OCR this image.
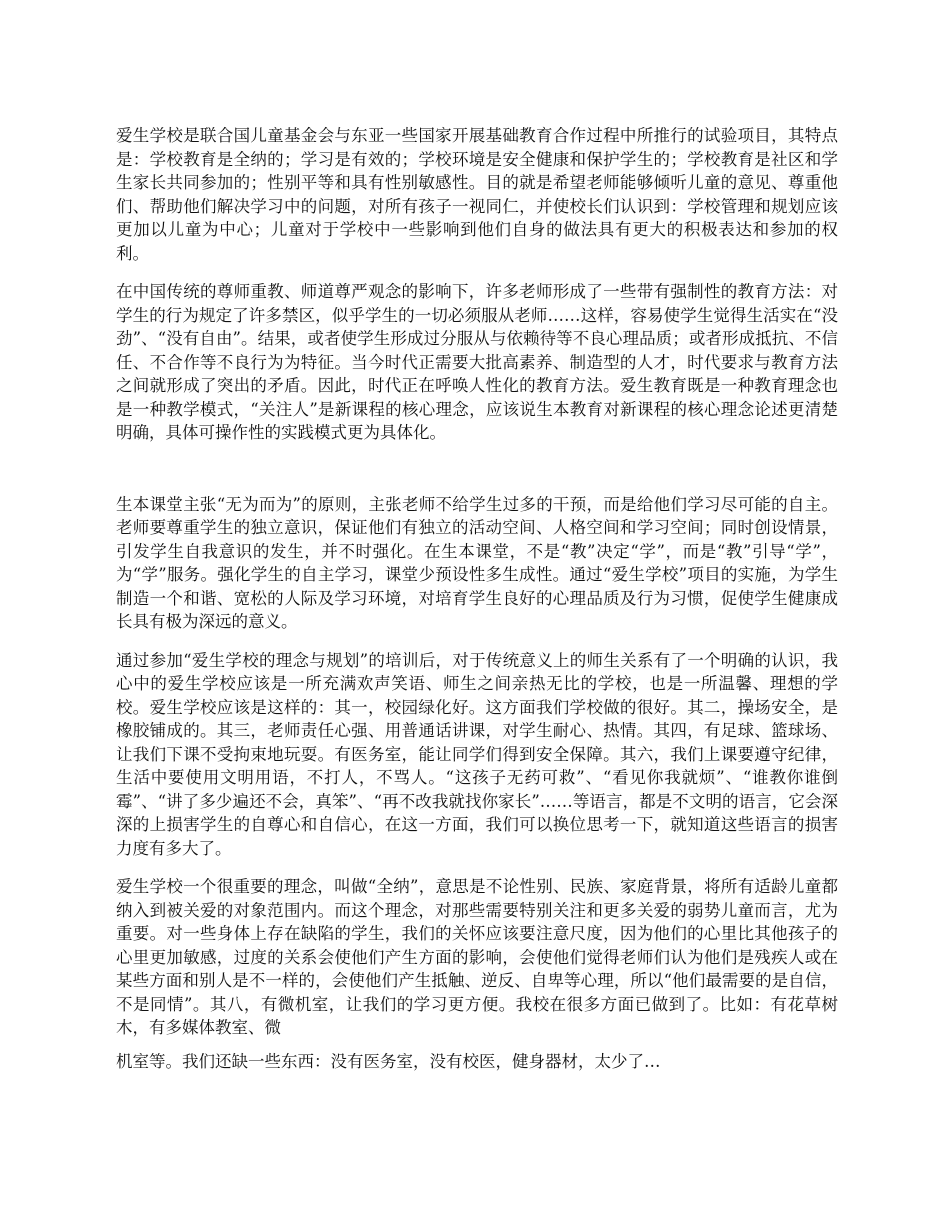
爱生学校是联合国儿童基金会与东亚一些国家开展基础教育合作过程中所推行的试验项目，其特点是：学校教育是全纳的；学习是有效的；学校环境是安全健康和保护学生的；学校教育是社区和学生家长共同参加的；性别平等和具有性别敏感性。目的就是希望老师能够倾听儿童的意见、尊重他们、帮助他们解决学习中的问题，对所有孩子一视同仁，并使校长们认识到：学校管理和规划应该更加以儿童为中心；儿童对于学校中一些影响到他们自身的做法具有更大的积极表达和参加的权利。

在中国传统的尊师重教、师道尊严观念的影响下，许多老师形成了一些带有强制性的教育方法：对学生的行为规定了许多禁区，似乎学生的一切必须服从老师……这样，容易使学生觉得生活实在“没劲”、“没有自由”。结果，或者使学生形成过分服从与依赖待等不良心理品质；或者形成抵抗、不信任、不合作等不良行为为特征。当今时代正需要大批高素养、制造型的人才，时代要求与教育方法之间就形成了突出的矛盾。因此，时代正在呼唤人性化的教育方法。爱生教育既是一种教育理念也是一种教学模式，“关注人”是新课程的核心理念，应该说生本教育对新课程的核心理念论述更清楚明确，具体可操作性的实践模式更为具体化。

生本课堂主张“无为而为”的原则，主张老师不给学生过多的干预，而是给他们学习尽可能的自主。老师要尊重学生的独立意识，保证他们有独立的活动空间、人格空间和学习空间；同时创设情景，引发学生自我意识的发生，并不时强化。在生本课堂，不是“教”决定“学”，而是“教”引导“学”，为“学”服务。强化学生的自主学习，课堂少预设性多生成性。通过“爱生学校”项目的实施，为学生制造一个和谐、宽松的人际及学习环境，对培育学生良好的心理品质及行为习惯，促使学生健康成长具有极为深远的意义。

通过参加“爱生学校的理念与规划”的培训后，对于传统意义上的师生关系有了一个明确的认识，我心中的爱生学校应该是一所充满欢声笑语、师生之间亲热无比的学校，也是一所温馨、理想的学校。爱生学校应该是这样的：其一，校园绿化好。这方面我们学校做的很好。其二，操场安全，是橡胶铺成的。其三，老师责任心强、用普通话讲课，对学生耐心、热情。其四，有足球、篮球场、让我们下课不受拘束地玩耍。有医务室，能让同学们得到安全保障。其六，我们上课要遵守纪律，生活中要使用文明用语，不打人，不骂人。“这孩子无药可救”、“看见你我就烦”、“谁教你谁倒霉”、“讲了多少遍还不会，真笨”、“再不改我就找你家长”……等语言，都是不文明的语言，它会深深的上损害学生的自尊心和自信心，在这一方面，我们可以换位思考一下，就知道这些语言的损害力度有多大了。

爱生学校一个很重要的理念，叫做“全纳”，意思是不论性别、民族、家庭背景，将所有适龄儿童都纳入到被关爱的对象范围内。而这个理念，对那些需要特别关注和更多关爱的弱势儿童而言，尤为重要。对一些身体上存在缺陷的学生，我们的关怀应该要注意尺度，因为他们的心里比其他孩子的心里更加敏感，过度的关系会使他们产生方面的影响，会使他们觉得老师们认为他们是残疾人或在某些方面和别人是不一样的，会使他们产生抵触、逆反、自卑等心理，所以“他们最需要的是自信，不是同情”。其八，有微机室，让我们的学习更方便。我校在很多方面已做到了。比如：有花草树木，有多媒体教室、微

机室等。我们还缺一些东西：没有医务室，没有校医，健身器材，太少了…
